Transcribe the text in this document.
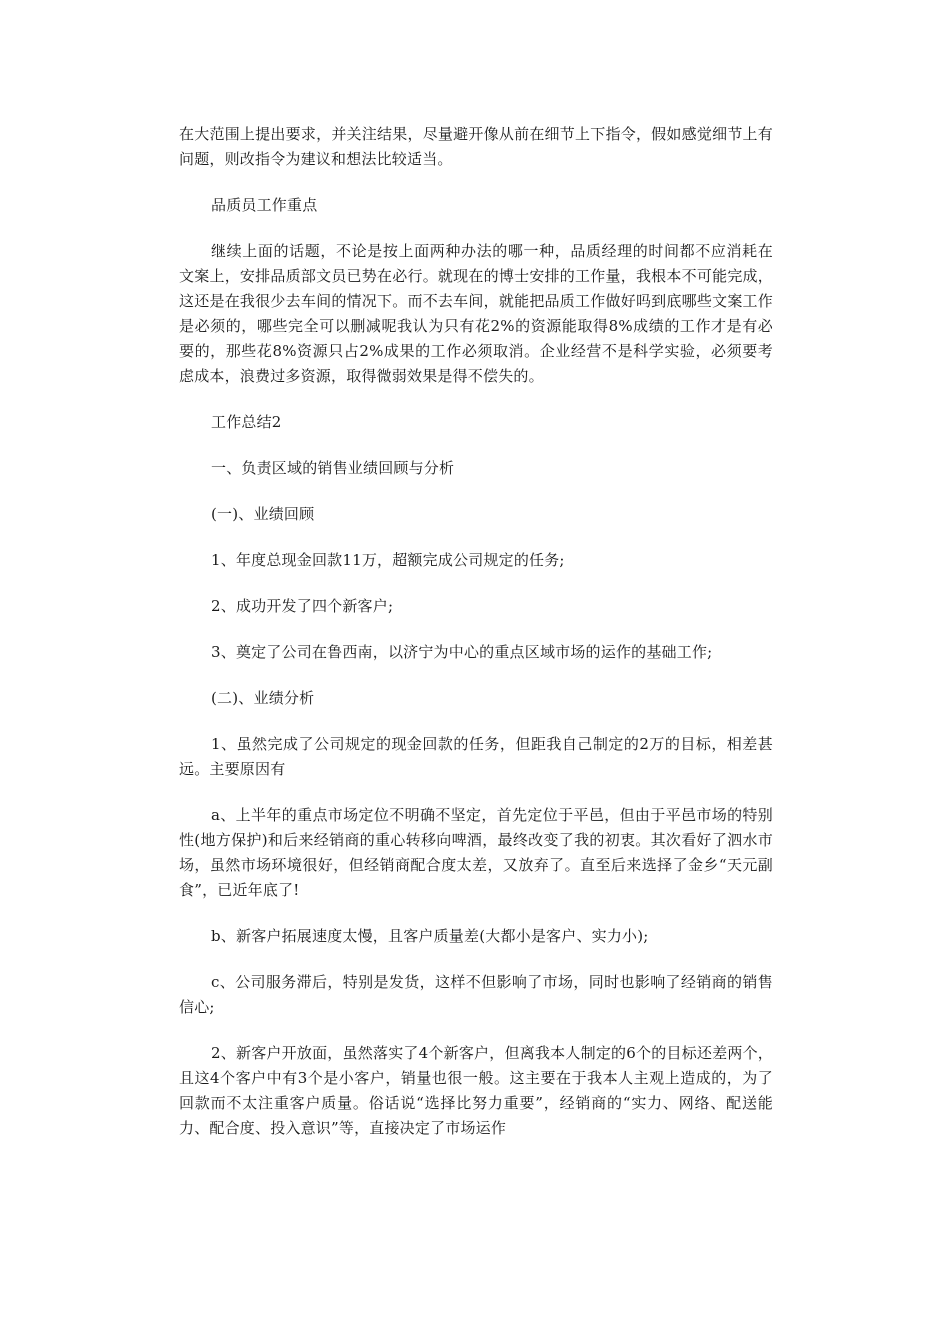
在大范围上提出要求，并关注结果，尽量避开像从前在细节上下指令，假如感觉细节上有问题，则改指令为建议和想法比较适当。

品质员工作重点

继续上面的话题，不论是按上面两种办法的哪一种，品质经理的时间都不应消耗在文案上，安排品质部文员已势在必行。就现在的博士安排的工作量，我根本不可能完成，这还是在我很少去车间的情况下。而不去车间，就能把品质工作做好吗到底哪些文案工作是必须的，哪些完全可以删减呢我认为只有花2%的资源能取得8%成绩的工作才是有必要的，那些花8%资源只占2%成果的工作必须取消。企业经营不是科学实验，必须要考虑成本，浪费过多资源，取得微弱效果是得不偿失的。

工作总结2

一、负责区域的销售业绩回顾与分析

(一)、业绩回顾

1、年度总现金回款11万，超额完成公司规定的任务;

2、成功开发了四个新客户;

3、奠定了公司在鲁西南，以济宁为中心的重点区域市场的运作的基础工作;

(二)、业绩分析

1、虽然完成了公司规定的现金回款的任务，但距我自己制定的2万的目标，相差甚远。主要原因有

a、上半年的重点市场定位不明确不坚定，首先定位于平邑，但由于平邑市场的特别性(地方保护)和后来经销商的重心转移向啤酒，最终改变了我的初衷。其次看好了泗水市场，虽然市场环境很好，但经销商配合度太差，又放弃了。直至后来选择了金乡“天元副食”，已近年底了!

b、新客户拓展速度太慢，且客户质量差(大都小是客户、实力小);

c、公司服务滞后，特别是发货，这样不但影响了市场，同时也影响了经销商的销售信心;

2、新客户开放面，虽然落实了4个新客户，但离我本人制定的6个的目标还差两个，且这4个客户中有3个是小客户，销量也很一般。这主要在于我本人主观上造成的，为了回款而不太注重客户质量。俗话说“选择比努力重要”，经销商的“实力、网络、配送能力、配合度、投入意识”等，直接决定了市场运作
